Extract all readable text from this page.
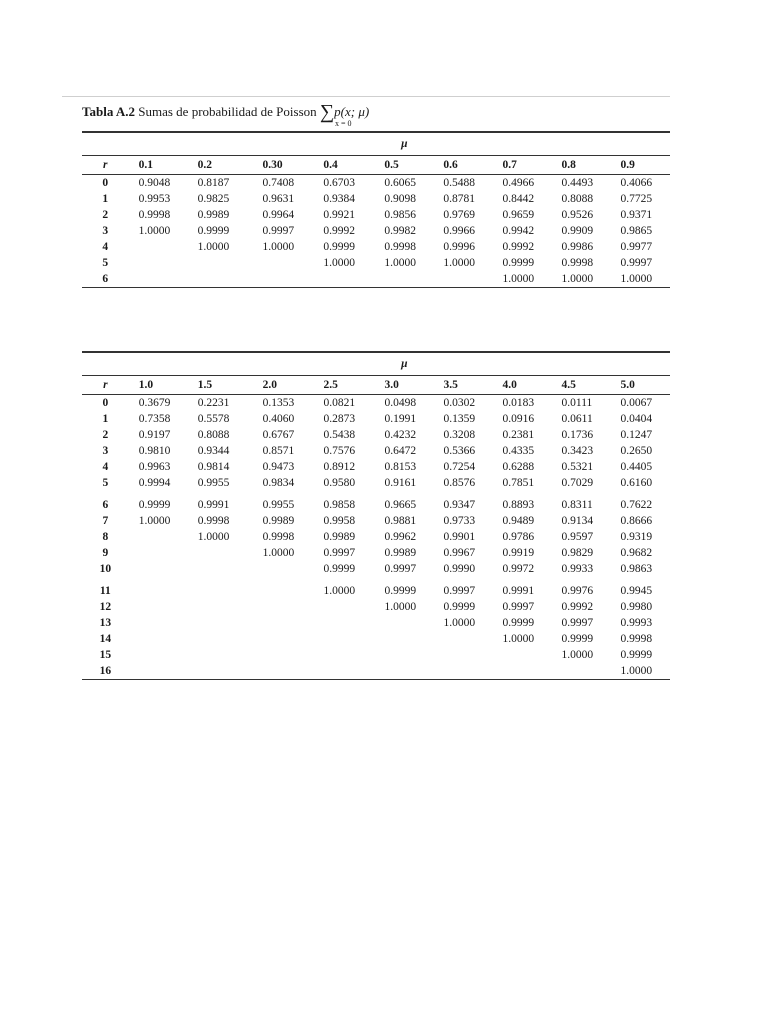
Tabla A.2 Sumas de probabilidad de Poisson ∑p(x; μ)
x = 0
	μ								
r	0.1	0.2	0.30	0.4	0.5	0.6	0.7	0.8	0.9
0	0.9048	0.8187	0.7408	0.6703	0.6065	0.5488	0.4966	0.4493	0.4066
1	0.9953	0.9825	0.9631	0.9384	0.9098	0.8781	0.8442	0.8088	0.7725
2	0.9998	0.9989	0.9964	0.9921	0.9856	0.9769	0.9659	0.9526	0.9371
3	1.0000	0.9999	0.9997	0.9992	0.9982	0.9966	0.9942	0.9909	0.9865
4		1.0000	1.0000	0.9999	0.9998	0.9996	0.9992	0.9986	0.9977
5				1.0000	1.0000	1.0000	0.9999	0.9998	0.9997
6							1.0000	1.0000	1.0000
	μ								
r	1.0	1.5	2.0	2.5	3.0	3.5	4.0	4.5	5.0
0	0.3679	0.2231	0.1353	0.0821	0.0498	0.0302	0.0183	0.0111	0.0067
1	0.7358	0.5578	0.4060	0.2873	0.1991	0.1359	0.0916	0.0611	0.0404
2	0.9197	0.8088	0.6767	0.5438	0.4232	0.3208	0.2381	0.1736	0.1247
3	0.9810	0.9344	0.8571	0.7576	0.6472	0.5366	0.4335	0.3423	0.2650
4	0.9963	0.9814	0.9473	0.8912	0.8153	0.7254	0.6288	0.5321	0.4405
5	0.9994	0.9955	0.9834	0.9580	0.9161	0.8576	0.7851	0.7029	0.6160
6	0.9999	0.9991	0.9955	0.9858	0.9665	0.9347	0.8893	0.8311	0.7622
7	1.0000	0.9998	0.9989	0.9958	0.9881	0.9733	0.9489	0.9134	0.8666
8		1.0000	0.9998	0.9989	0.9962	0.9901	0.9786	0.9597	0.9319
9			1.0000	0.9997	0.9989	0.9967	0.9919	0.9829	0.9682
10				0.9999	0.9997	0.9990	0.9972	0.9933	0.9863
11				1.0000	0.9999	0.9997	0.9991	0.9976	0.9945
12					1.0000	0.9999	0.9997	0.9992	0.9980
13						1.0000	0.9999	0.9997	0.9993
14							1.0000	0.9999	0.9998
15								1.0000	0.9999
16									1.0000
